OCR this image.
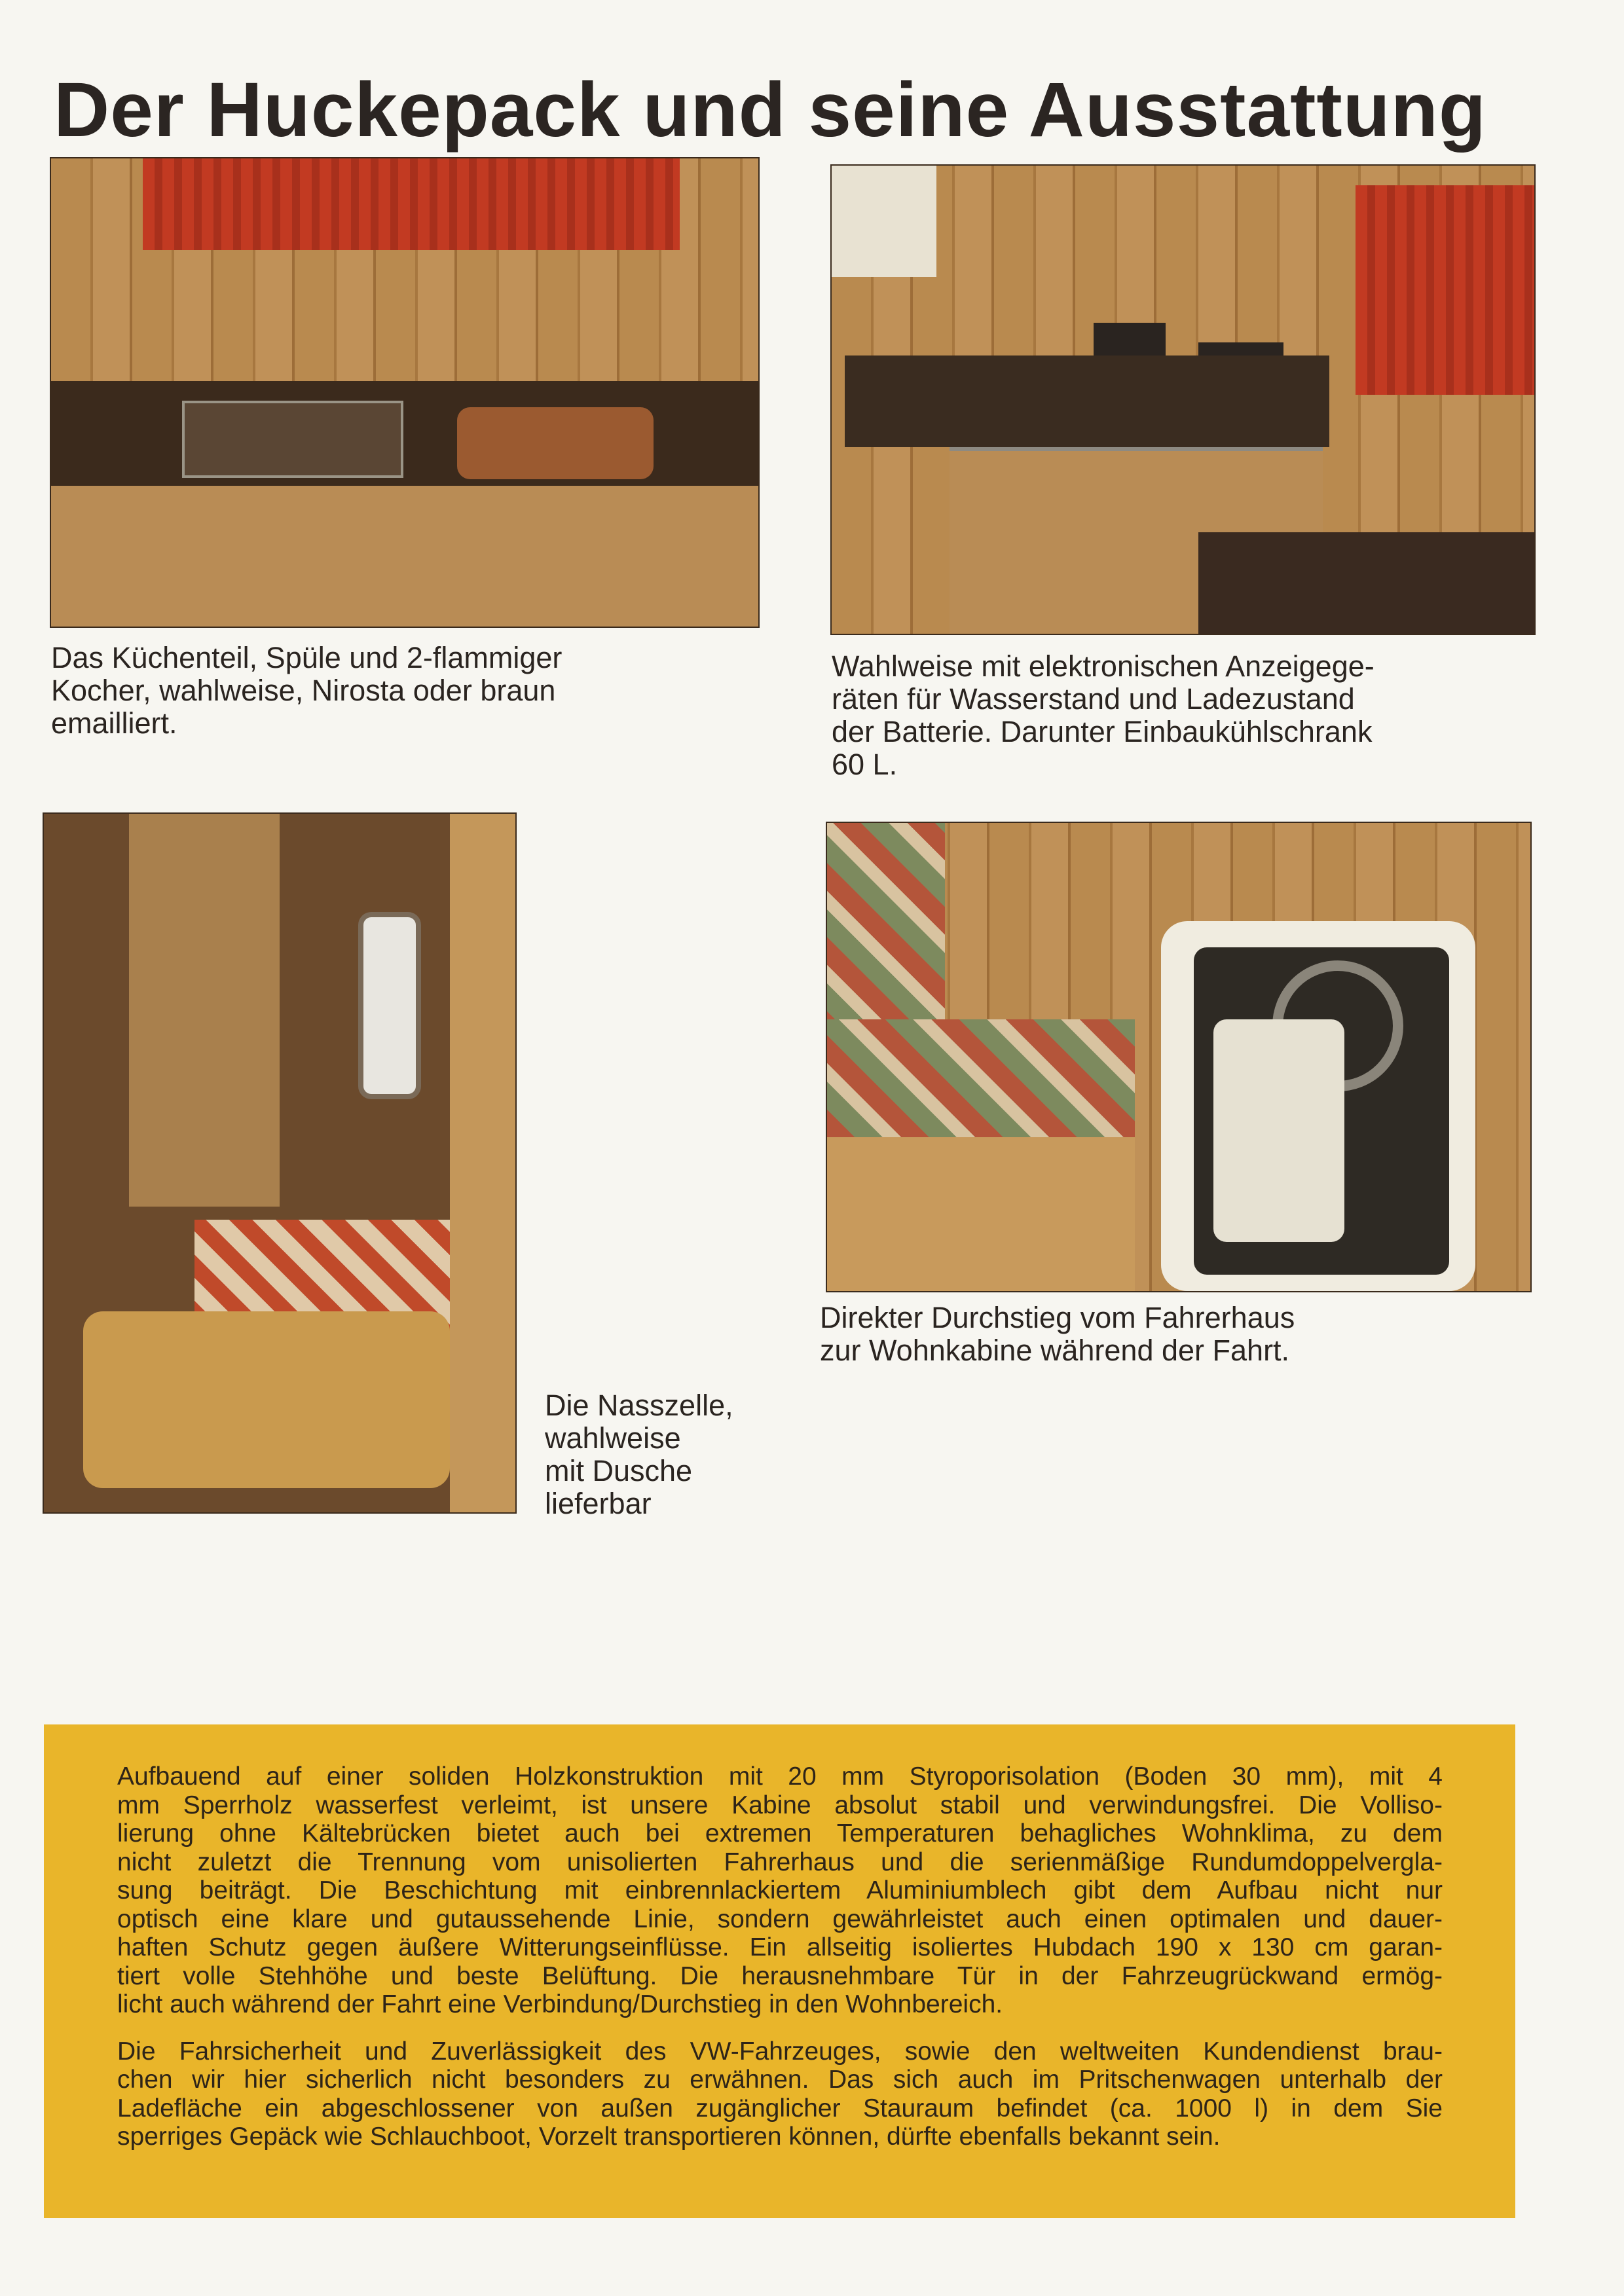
Der Huckepack und seine Ausstattung
Das Küchenteil, Spüle und 2-flammiger
Kocher, wahlweise, Nirosta oder braun
emailliert.
Wahlweise mit elektronischen Anzeigege-
räten für Wasserstand und Ladezustand
der Batterie. Darunter Einbaukühlschrank
60 L.
Die Nasszelle,
wahlweise
mit Dusche
lieferbar
Direkter Durchstieg vom Fahrerhaus
zur Wohnkabine während der Fahrt.
Aufbauend auf einer soliden Holzkonstruktion mit 20 mm Styroporisolation (Boden 30 mm), mit 4
mm Sperrholz wasserfest verleimt, ist unsere Kabine absolut stabil und verwindungsfrei. Die Volliso-
lierung ohne Kältebrücken bietet auch bei extremen Temperaturen behagliches Wohnklima, zu dem
nicht zuletzt die Trennung vom unisolierten Fahrerhaus und die serienmäßige Rundumdoppelvergla-
sung beiträgt. Die Beschichtung mit einbrennlackiertem Aluminiumblech gibt dem Aufbau nicht nur
optisch eine klare und gutaussehende Linie, sondern gewährleistet auch einen optimalen und dauer-
haften Schutz gegen äußere Witterungseinflüsse. Ein allseitig isoliertes Hubdach 190 x 130 cm garan-
tiert volle Stehhöhe und beste Belüftung. Die herausnehmbare Tür in der Fahrzeugrückwand ermög-
licht auch während der Fahrt eine Verbindung/Durchstieg in den Wohnbereich.
Die Fahrsicherheit und Zuverlässigkeit des VW-Fahrzeuges, sowie den weltweiten Kundendienst brau-
chen wir hier sicherlich nicht besonders zu erwähnen. Das sich auch im Pritschenwagen unterhalb der
Ladefläche ein abgeschlossener von außen zugänglicher Stauraum befindet (ca. 1000 l) in dem Sie
sperriges Gepäck wie Schlauchboot, Vorzelt transportieren können, dürfte ebenfalls bekannt sein.
